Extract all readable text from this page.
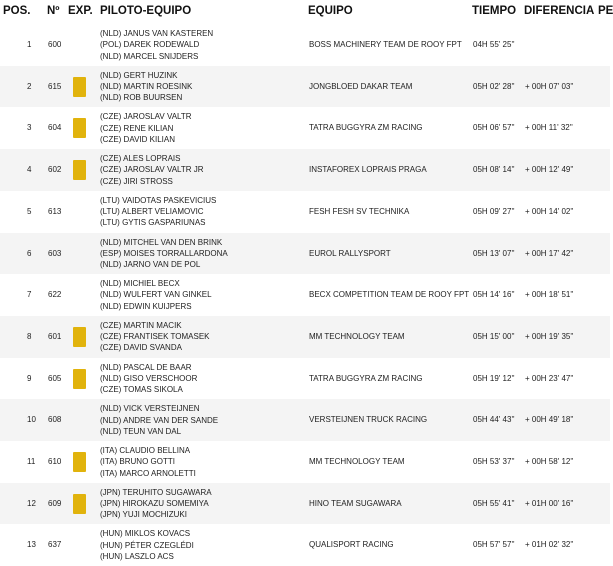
POS. Nº EXP. PILOTO-EQUIPO	EQUIPO	TIEMPO DIFERENCIA PE
1 600
(NLD) JANUS VAN KASTEREN
(POL) DAREK RODEWALD
(NLD) MARCEL SNIJDERS
BOSS MACHINERY TEAM DE ROOY FPT 04H 55' 25''
2 615
(NLD) GERT HUZINK
(NLD) MARTIN ROESINK
(NLD) ROB BUURSEN
JONGBLOED DAKAR TEAM	05H 02' 28'' + 00H 07' 03''
3 604
(CZE) JAROSLAV VALTR
(CZE) RENE KILIAN
(CZE) DAVID KILIAN
TATRA BUGGYRA ZM RACING	05H 06' 57'' + 00H 11' 32''
4 602
(CZE) ALES LOPRAIS
(CZE) JAROSLAV VALTR JR
(CZE) JIRI STROSS
INSTAFOREX LOPRAIS PRAGA	05H 08' 14'' + 00H 12' 49''
5 613
(LTU) VAIDOTAS PASKEVICIUS
(LTU) ALBERT VELIAMOVIC
(LTU) GYTIS GASPARIUNAS
FESH FESH SV TECHNIKA	05H 09' 27'' + 00H 14' 02''
6 603
(NLD) MITCHEL VAN DEN BRINK
(ESP) MOISES TORRALLARDONA
(NLD) JARNO VAN DE POL
EUROL RALLYSPORT	05H 13' 07'' + 00H 17' 42''
7 622
(NLD) MICHIEL BECX
(NLD) WULFERT VAN GINKEL
(NLD) EDWIN KUIJPERS
BECX COMPETITION TEAM DE ROOY FPT 05H 14' 16'' + 00H 18' 51''
8 601
(CZE) MARTIN MACIK
(CZE) FRANTISEK TOMASEK
(CZE) DAVID SVANDA
MM TECHNOLOGY TEAM	05H 15' 00'' + 00H 19' 35''
9 605
(NLD) PASCAL DE BAAR
(NLD) GISO VERSCHOOR
(CZE) TOMAS SIKOLA
TATRA BUGGYRA ZM RACING	05H 19' 12'' + 00H 23' 47''
10 608
(NLD) VICK VERSTEIJNEN
(NLD) ANDRE VAN DER SANDE
(NLD) TEUN VAN DAL
VERSTEIJNEN TRUCK RACING	05H 44' 43'' + 00H 49' 18''
11 610
(ITA) CLAUDIO BELLINA
(ITA) BRUNO GOTTI
(ITA) MARCO ARNOLETTI
MM TECHNOLOGY TEAM	05H 53' 37'' + 00H 58' 12''
12 609
(JPN) TERUHITO SUGAWARA
(JPN) HIROKAZU SOMEMIYA
(JPN) YUJI MOCHIZUKI
HINO TEAM SUGAWARA	05H 55' 41'' + 01H 00' 16''
13 637
(HUN) MIKLOS KOVACS
(HUN) PÉTER CZEGLÉDI
(HUN) LASZLO ACS
QUALISPORT RACING	05H 57' 57'' + 01H 02' 32''
